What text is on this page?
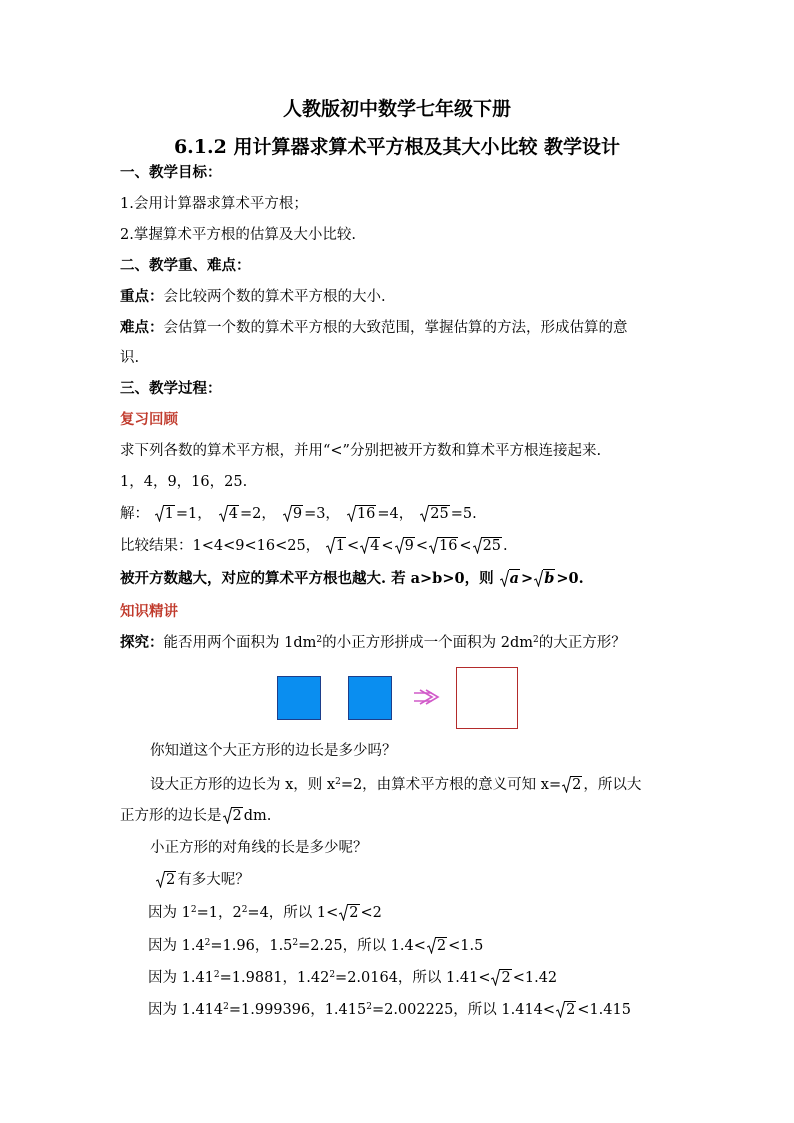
人教版初中数学七年级下册
6.1.2 用计算器求算术平方根及其大小比较 教学设计
一、教学目标：
1.会用计算器求算术平方根；
2.掌握算术平方根的估算及大小比较.
二、教学重、难点：
重点：会比较两个数的算术平方根的大小.
难点：会估算一个数的算术平方根的大致范围，掌握估算的方法，形成估算的意
识.
三、教学过程：
复习回顾
求下列各数的算术平方根，并用“<”分别把被开方数和算术平方根连接起来.
1，4，9，16，25.
解： 1 =1， 4 =2， 9 =3， 16 =4， 25 =5.
比较结果：1<4<9<16<25， 1 < 4 < 9 < 16 < 25 .
被开方数越大，对应的算术平方根也越大. 若 a>b>0，则 a > b >0.
知识精讲
探究：能否用两个面积为 $1dm^2$的小正方形拼成一个面积为 $2dm^2$的大正方形？
你知道这个大正方形的边长是多少吗？
设大正方形的边长为 x，则 $x^2=2$，由算术平方根的意义可知 x= 2 ，所以大
正方形的边长是 2 dm.
小正方形的对角线的长是多少呢？
2 有多大呢？
因为 $1^2=1$，$2^2=4$，所以 1< 2 <2
因为 $1.4^2=1.96$，$1.5^2=2.25$，所以 1.4< 2 <1.5
因为 $1.41^2=1.9881$，$1.42^2=2.0164$，所以 1.41< 2 <1.42
因为 $1.414^2=1.999396$，$1.415^2=2.002225$，所以 1.414< 2 <1.415
